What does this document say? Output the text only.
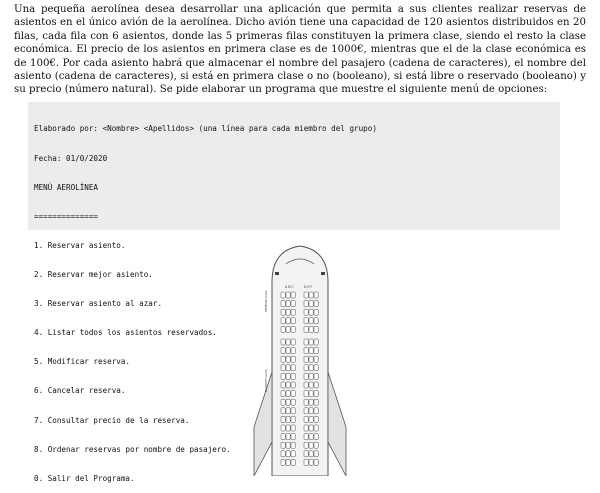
Una pequeña aerolínea desea desarrollar una aplicación que permita a sus clientes realizar reservas de asientos en el único avión de la aerolínea. Dicho avión tiene una capacidad de 120 asientos distribuidos en 20 filas, cada fila con 6 asientos, donde las 5 primeras filas constituyen la primera clase, siendo el resto la clase económica. El precio de los asientos en primera clase es de 1000€, mientras que el de la clase económica es de 100€. Por cada asiento habrá que almacenar el nombre del pasajero (cadena de caracteres), el nombre del asiento (cadena de caracteres), si está en primera clase o no (booleano), si está libre o reservado (booleano) y su precio (número natural). Se pide elaborar un programa que muestre el siguiente menú de opciones:

Elaborado por: <Nombre> <Apellidos> (una línea para cada miembro del grupo)

Fecha: 01/0/2020

MENÚ AEROLÍNEA

==============

1. Reservar asiento.

2. Reservar mejor asiento.

3. Reservar asiento al azar.

4. Listar todos los asientos reservados.

5. Modificar reserva.

6. Cancelar reserva.

7. Consultar precio de la reserva.

8. Ordenar reservas por nombre de pasajero.

0. Salir del Programa.

PREMIUM CLASS
ECONOMY CLASS
A B C	D E F
